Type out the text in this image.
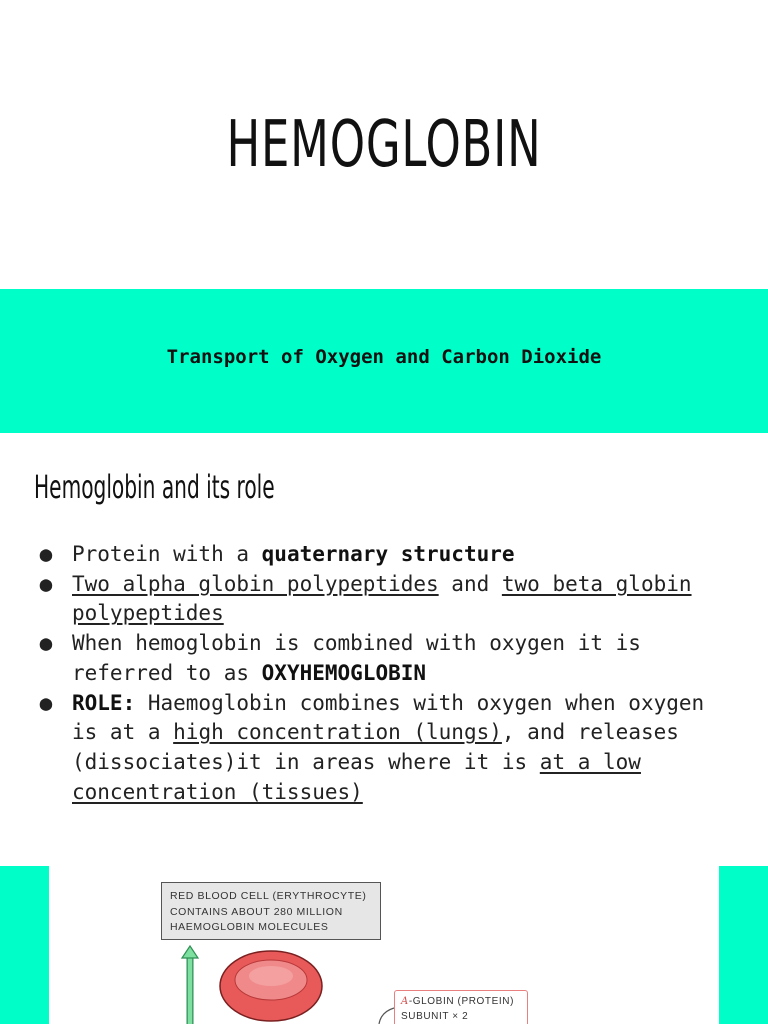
HEMOGLOBIN
Transport of Oxygen and Carbon Dioxide
Hemoglobin and its role
● Protein with a quaternary structure
● Two alpha globin polypeptides and two beta globin polypeptides
● When hemoglobin is combined with oxygen it is referred to as OXYHEMOGLOBIN
● ROLE: Haemoglobin combines with oxygen when oxygen is at a high concentration (lungs), and releases (dissociates)it in areas where it is at a low concentration (tissues)
RED BLOOD CELL (ERYTHROCYTE)
CONTAINS ABOUT 280 MILLION
HAEMOGLOBIN MOLECULES
Α-GLOBIN (PROTEIN)
SUBUNIT × 2
